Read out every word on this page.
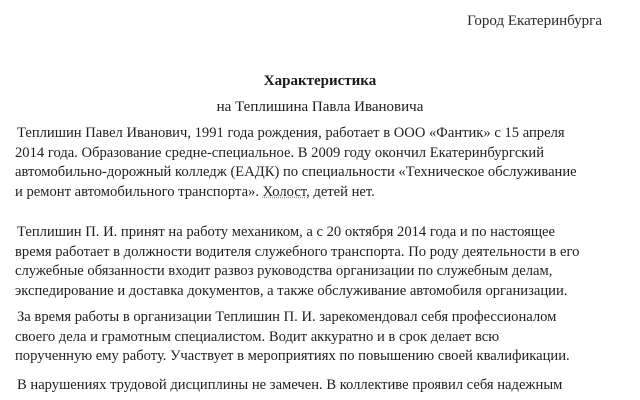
Город Екатеринбурга
Характеристика
на Теплишина Павла Ивановича
Теплишин Павел Иванович, 1991 года рождения, работает в ООО «Фантик» с 15 апреля
2014 года. Образование средне-специальное. В 2009 году окончил Екатеринбургский
автомобильно-дорожный колледж (ЕАДК) по специальности «Техническое обслуживание
и ремонт автомобильного транспорта». Холост, детей нет.
Теплишин П. И. принят на работу механиком, а с 20 октября 2014 года и по настоящее
время работает в должности водителя служебного транспорта. По роду деятельности в его
служебные обязанности входит развоз руководства организации по служебным делам,
экспедирование и доставка документов, а также обслуживание автомобиля организации.
За время работы в организации Теплишин П. И. зарекомендовал себя профессионалом
своего дела и грамотным специалистом. Водит аккуратно и в срок делает всю
порученную ему работу. Участвует в мероприятиях по повышению своей квалификации.
В нарушениях трудовой дисциплины не замечен. В коллективе проявил себя надежным
